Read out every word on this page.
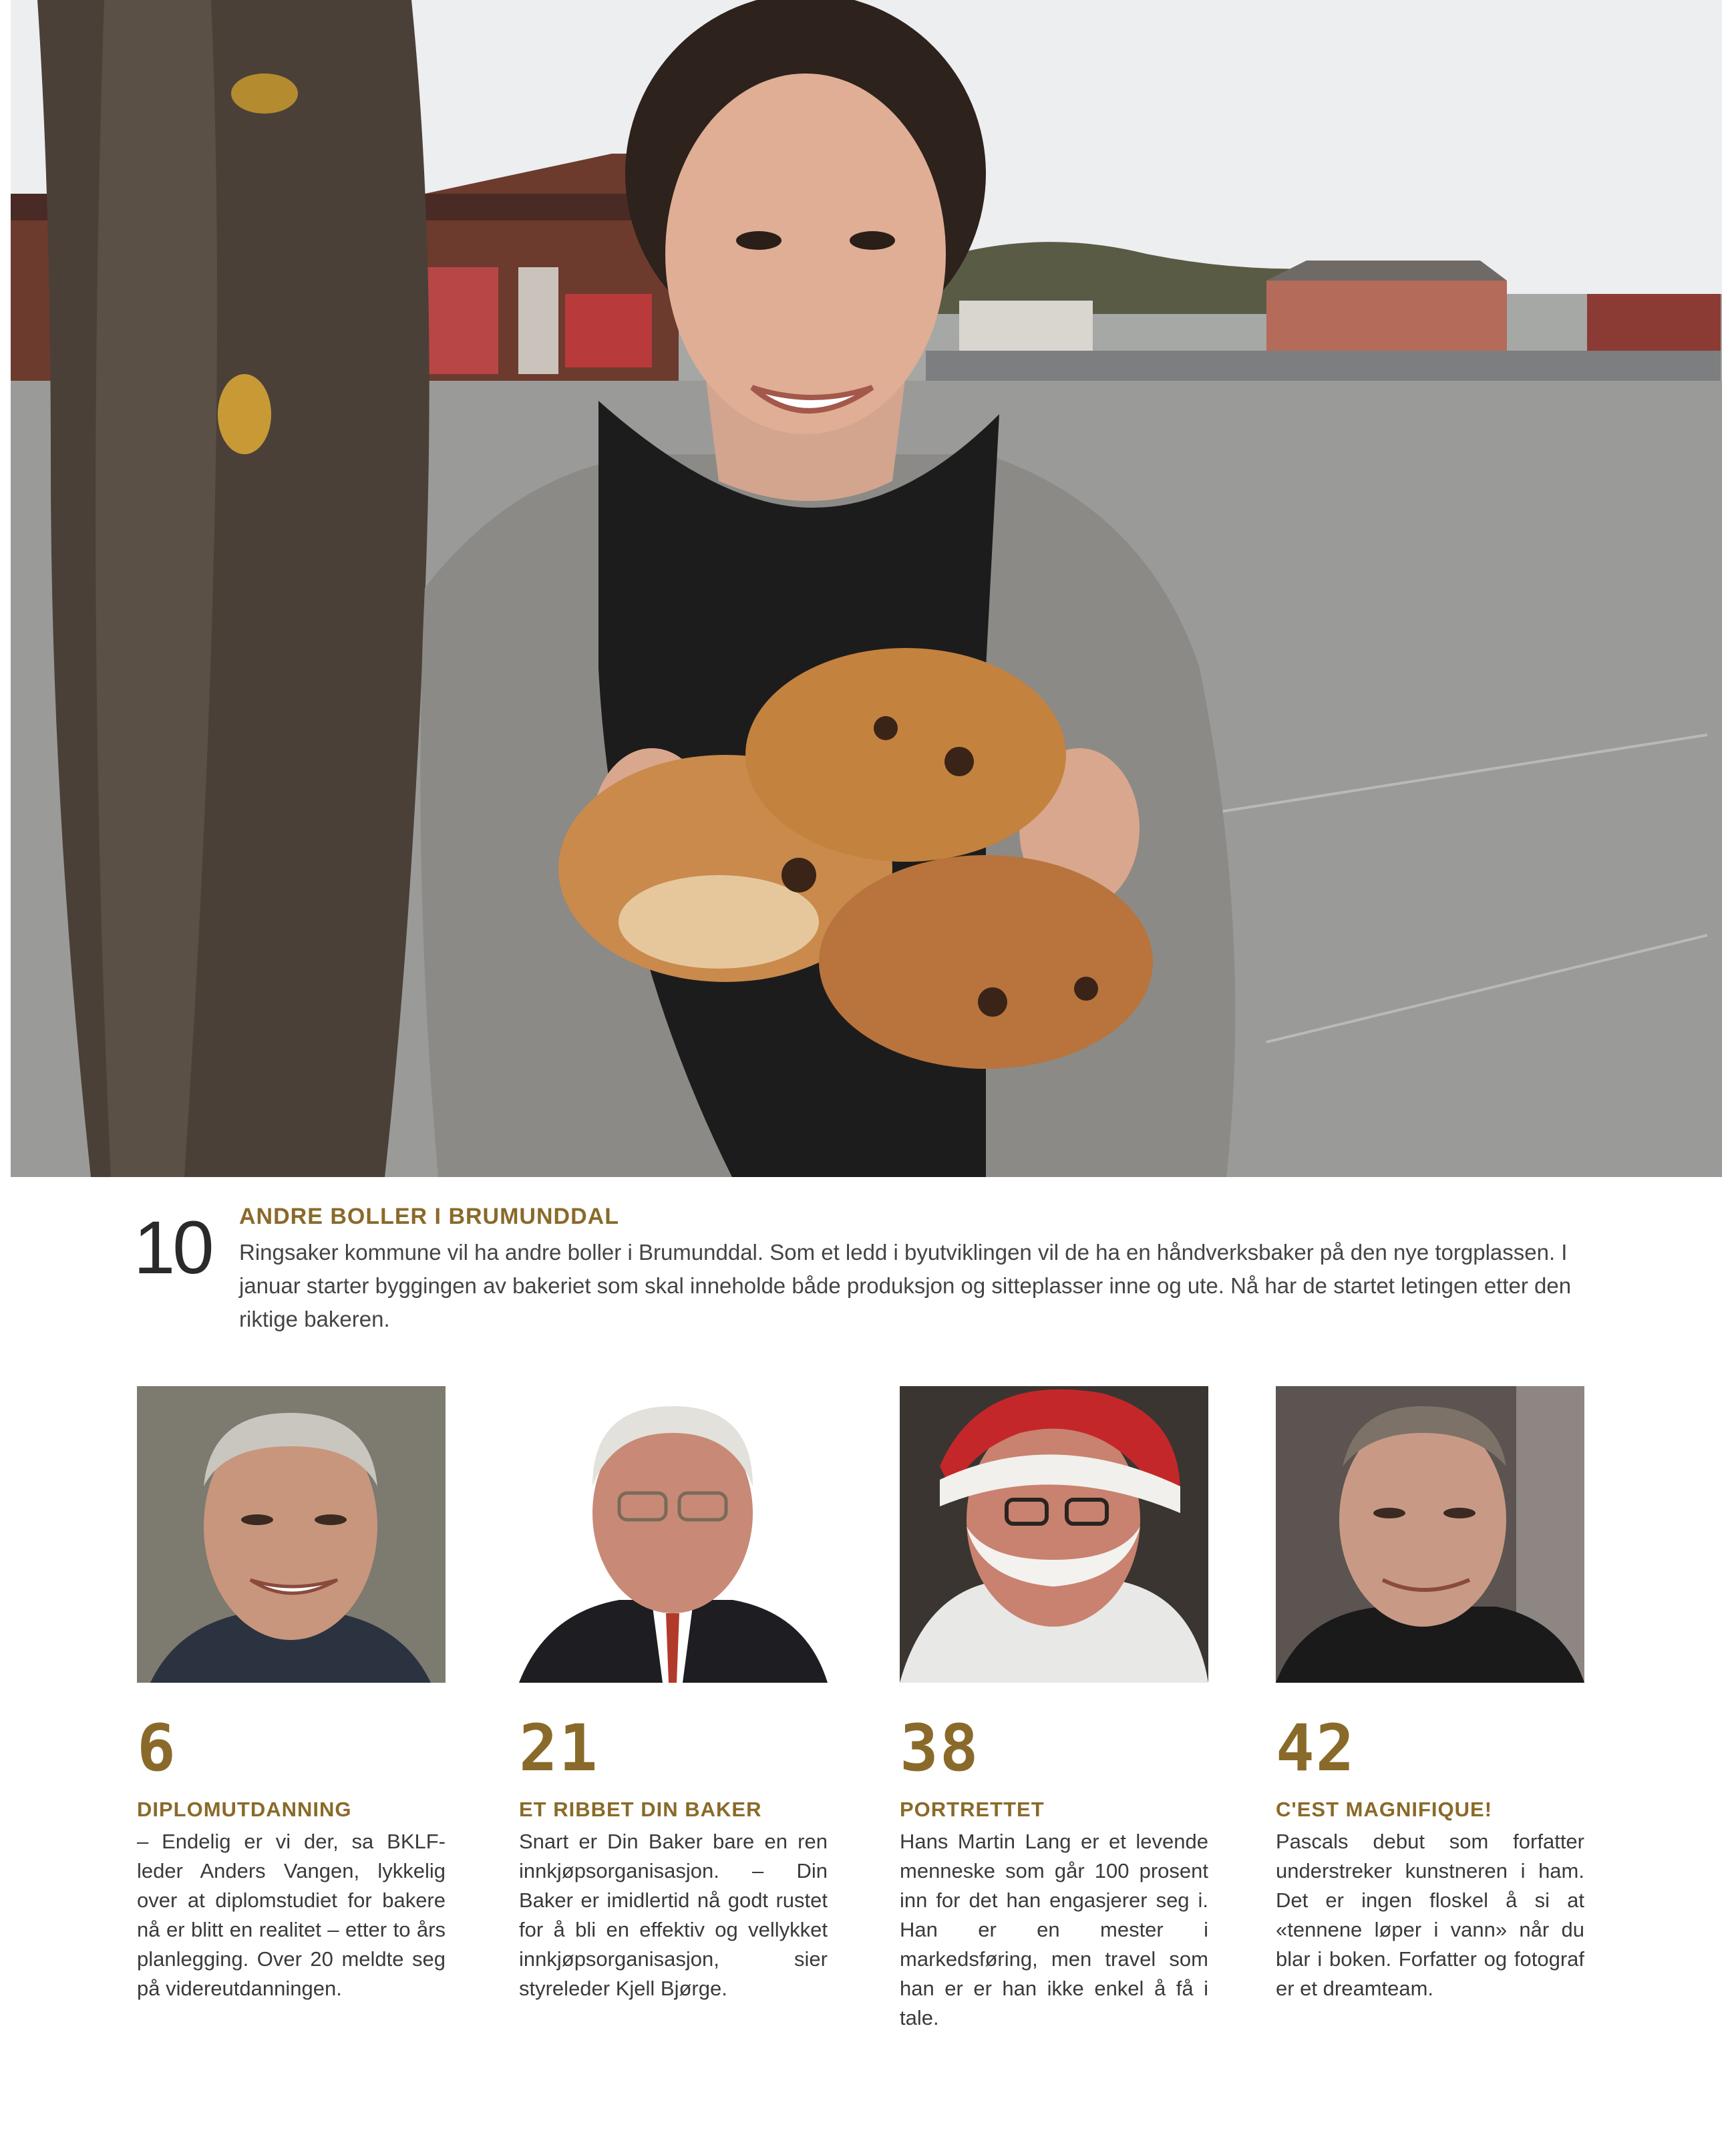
10 ANDRE BOLLER I BRUMUNDDAL
Ringsaker kommune vil ha andre boller i Brumunddal. Som et ledd i byutviklingen vil de ha en håndverksbaker på den nye torgplassen. I januar starter byggingen av bakeriet som skal inneholde både produksjon og sitteplasser inne og ute. Nå har de startet letingen etter den riktige bakeren.
6
DIPLOMUTDANNING
– Endelig er vi der, sa BKLF-leder Anders Vangen, lykkelig over at diplomstudiet for bakere nå er blitt en realitet – etter to års planlegging. Over 20 meldte seg på videreutdanningen.
21
ET RIBBET DIN BAKER
Snart er Din Baker bare en ren innkjøpsorganisasjon. – Din Baker er imidlertid nå godt rustet for å bli en effektiv og vellykket innkjøpsorganisasjon, sier styreleder Kjell Bjørge.
38
PORTRETTET
Hans Martin Lang er et levende menneske som går 100 prosent inn for det han engasjerer seg i. Han er en mester i markedsføring, men travel som han er er han ikke enkel å få i tale.
42
C'EST MAGNIFIQUE!
Pascals debut som forfatter understreker kunstneren i ham. Det er ingen floskel å si at «tennene løper i vann» når du blar i boken. Forfatter og fotograf er et dreamteam.
